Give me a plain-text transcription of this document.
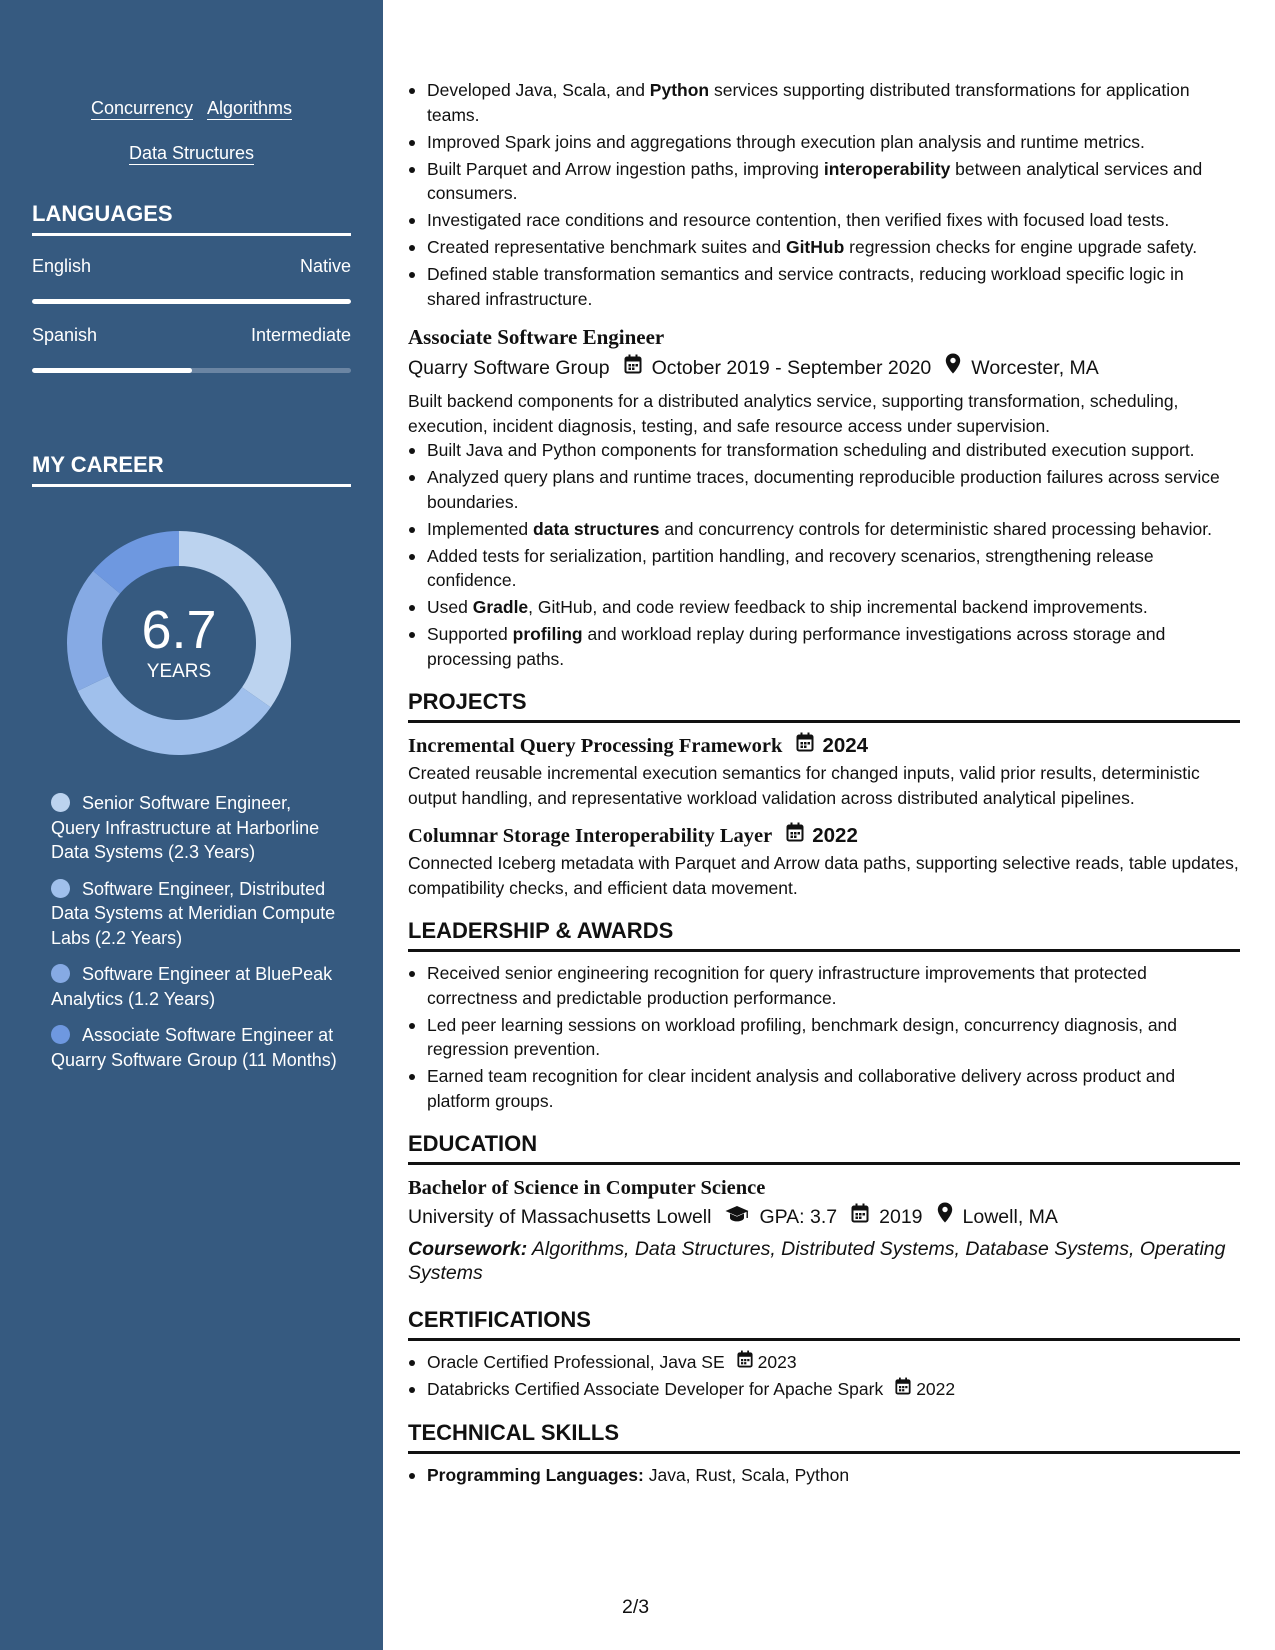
Concurrency Algorithms
Data Structures
LANGUAGES
English	Native
Spanish	Intermediate
MY CAREER
6.7
YEARS
Senior Software Engineer, Query Infrastructure at Harborline Data Systems (2.3 Years)
Software Engineer, Distributed Data Systems at Meridian Compute Labs (2.2 Years)
Software Engineer at BluePeak Analytics (1.2 Years)
Associate Software Engineer at Quarry Software Group (11 Months)
Developed Java, Scala, and Python services supporting distributed transformations for application teams.
Improved Spark joins and aggregations through execution plan analysis and runtime metrics.
Built Parquet and Arrow ingestion paths, improving interoperability between analytical services and consumers.
Investigated race conditions and resource contention, then verified fixes with focused load tests.
Created representative benchmark suites and GitHub regression checks for engine upgrade safety.
Defined stable transformation semantics and service contracts, reducing workload specific logic in shared infrastructure.
Associate Software Engineer
Quarry Software Group October 2019 - September 2020 Worcester, MA
Built backend components for a distributed analytics service, supporting transformation, scheduling, execution, incident diagnosis, testing, and safe resource access under supervision.
Built Java and Python components for transformation scheduling and distributed execution support.
Analyzed query plans and runtime traces, documenting reproducible production failures across service boundaries.
Implemented data structures and concurrency controls for deterministic shared processing behavior.
Added tests for serialization, partition handling, and recovery scenarios, strengthening release confidence.
Used Gradle, GitHub, and code review feedback to ship incremental backend improvements.
Supported profiling and workload replay during performance investigations across storage and processing paths.
PROJECTS
Incremental Query Processing Framework 2024
Created reusable incremental execution semantics for changed inputs, valid prior results, deterministic output handling, and representative workload validation across distributed analytical pipelines.
Columnar Storage Interoperability Layer 2022
Connected Iceberg metadata with Parquet and Arrow data paths, supporting selective reads, table updates, compatibility checks, and efficient data movement.
LEADERSHIP & AWARDS
Received senior engineering recognition for query infrastructure improvements that protected correctness and predictable production performance.
Led peer learning sessions on workload profiling, benchmark design, concurrency diagnosis, and regression prevention.
Earned team recognition for clear incident analysis and collaborative delivery across product and platform groups.
EDUCATION
Bachelor of Science in Computer Science
University of Massachusetts Lowell GPA: 3.7 2019 Lowell, MA
Coursework: Algorithms, Data Structures, Distributed Systems, Database Systems, Operating Systems
CERTIFICATIONS
Oracle Certified Professional, Java SE 2023
Databricks Certified Associate Developer for Apache Spark 2022
TECHNICAL SKILLS
Programming Languages: Java, Rust, Scala, Python
2/3
